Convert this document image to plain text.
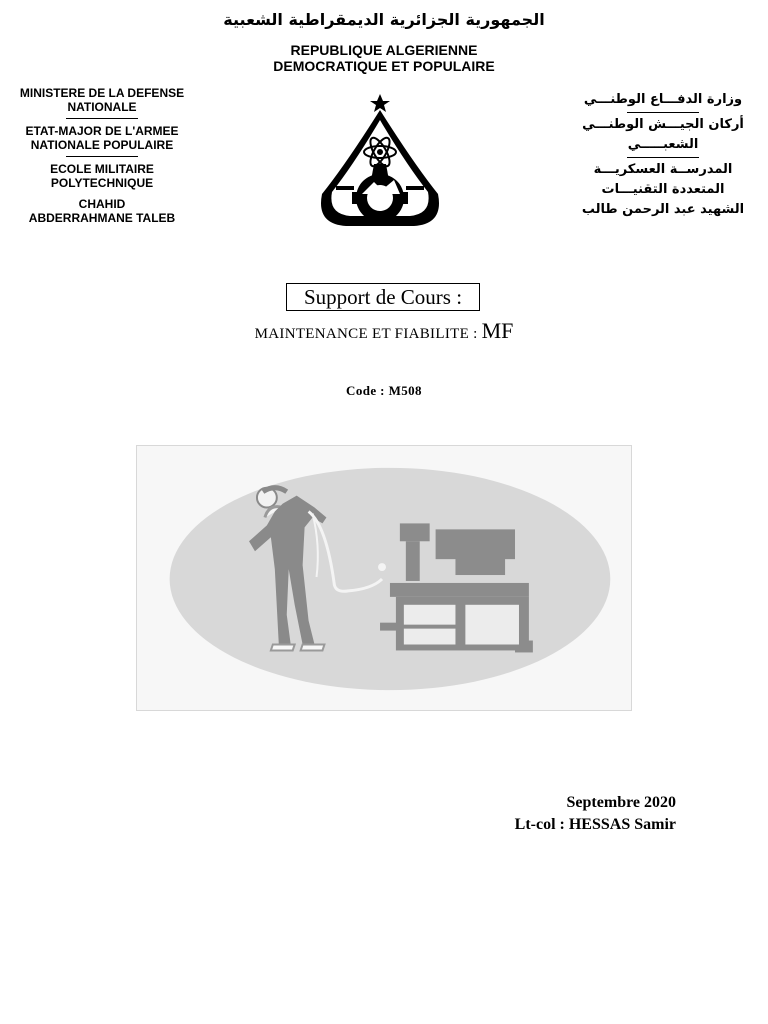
الجمهورية الجزائرية الديمقراطية الشعبية
REPUBLIQUE ALGERIENNE
DEMOCRATIQUE ET POPULAIRE
MINISTERE DE LA DEFENSE
NATIONALE
ETAT-MAJOR DE L'ARMEE
NATIONALE POPULAIRE
ECOLE MILITAIRE
POLYTECHNIQUE
CHAHID
ABDERRAHMANE TALEB
وزارة الدفـــاع الوطنـــي
أركان الجيـــش الوطنـــي
الشعبـــــي
المدرســة العسكريـــة
المتعددة التقنيـــات
الشهيد عبد الرحمن طالب
Support de Cours :
MAINTENANCE ET FIABILITE : MF
Code : M508
Septembre 2020
Lt-col : HESSAS Samir
